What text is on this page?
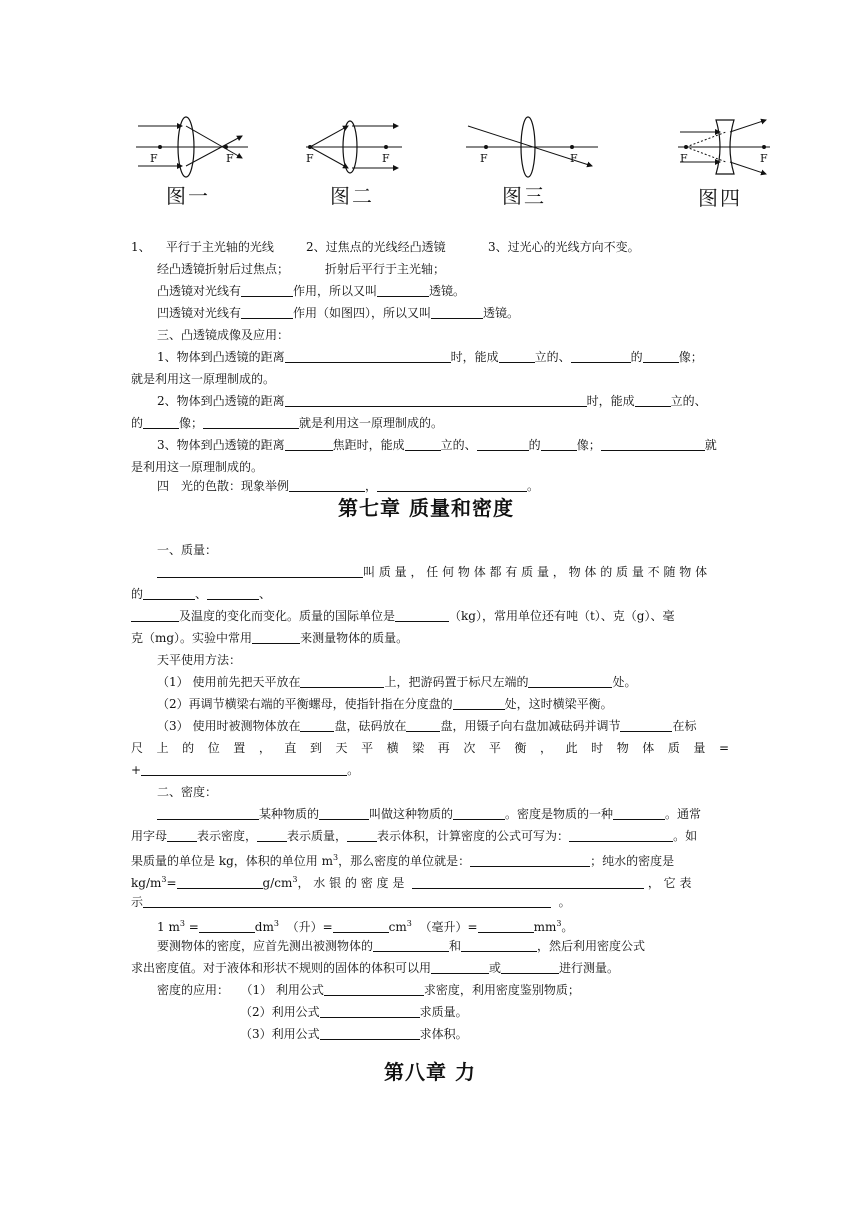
F	F
图一
F	F
图二
F	F
图三
F	F
图四
1、 平行于主光轴的光线	2、过焦点的光线经凸透镜	3、过光心的光线方向不变。
经凸透镜折射后过焦点；	折射后平行于主光轴；
凸透镜对光线有	作用，所以又叫	透镜。
凹透镜对光线有	作用（如图四），所以又叫	透镜。
三、凸透镜成像及应用：
1、物体到凸透镜的距离	时，能成	立的、	的	像；
就是利用这一原理制成的。
2、物体到凸透镜的距离	时，能成	立的、
的	像；	就是利用这一原理制成的。
3、物体到凸透镜的距离	焦距时，能成	立的、	的	像；	就
是利用这一原理制成的。
四　光的色散：现象举例	，	。
第七章 质量和密度
一、质量：
叫 质 量 ， 任 何 物 体 都 有 质 量 ， 物 体 的 质 量 不 随 物 体
的	、	、
及温度的变化而变化。质量的国际单位是	（kg），常用单位还有吨（t）、克（g）、毫
克（mg）。实验中常用	来测量物体的质量。
天平使用方法：
（1） 使用前先把天平放在	上，把游码置于标尺左端的	处。
（2）再调节横梁右端的平衡螺母，使指针指在分度盘的	处，这时横梁平衡。
（3） 使用时被测物体放在	盘，砝码放在	盘，用镊子向右盘加减砝码并调节	在标
尺 上 的 位 置 ， 直 到 天 平 横 梁 再 次 平 衡 ， 此 时 物 体 质 量 =
+	。
二、密度：
某种物质的	叫做这种物质的	。密度是物质的一种	。通常
用字母	表示密度，	表示质量，	表示体积，计算密度的公式可写为：	。如
果质量的单位是 kg，体积的单位用 $m^3$，那么密度的单位就是：	；纯水的密度是
$kg/m^3=$	$g/cm^3$， 水 银 的 密 度 是	， 它 表
示	。
1 $m^3$ =	$dm^3$ （升）=	$cm^3$ （毫升）=	$mm^3$。
要测物体的密度，应首先测出被测物体的	和	，然后利用密度公式
求出密度值。对于液体和形状不规则的固体的体积可以用	或	进行测量。
密度的应用： （1） 利用公式	求密度，利用密度鉴别物质；
（2）利用公式	求质量。
（3）利用公式	求体积。
第八章 力
